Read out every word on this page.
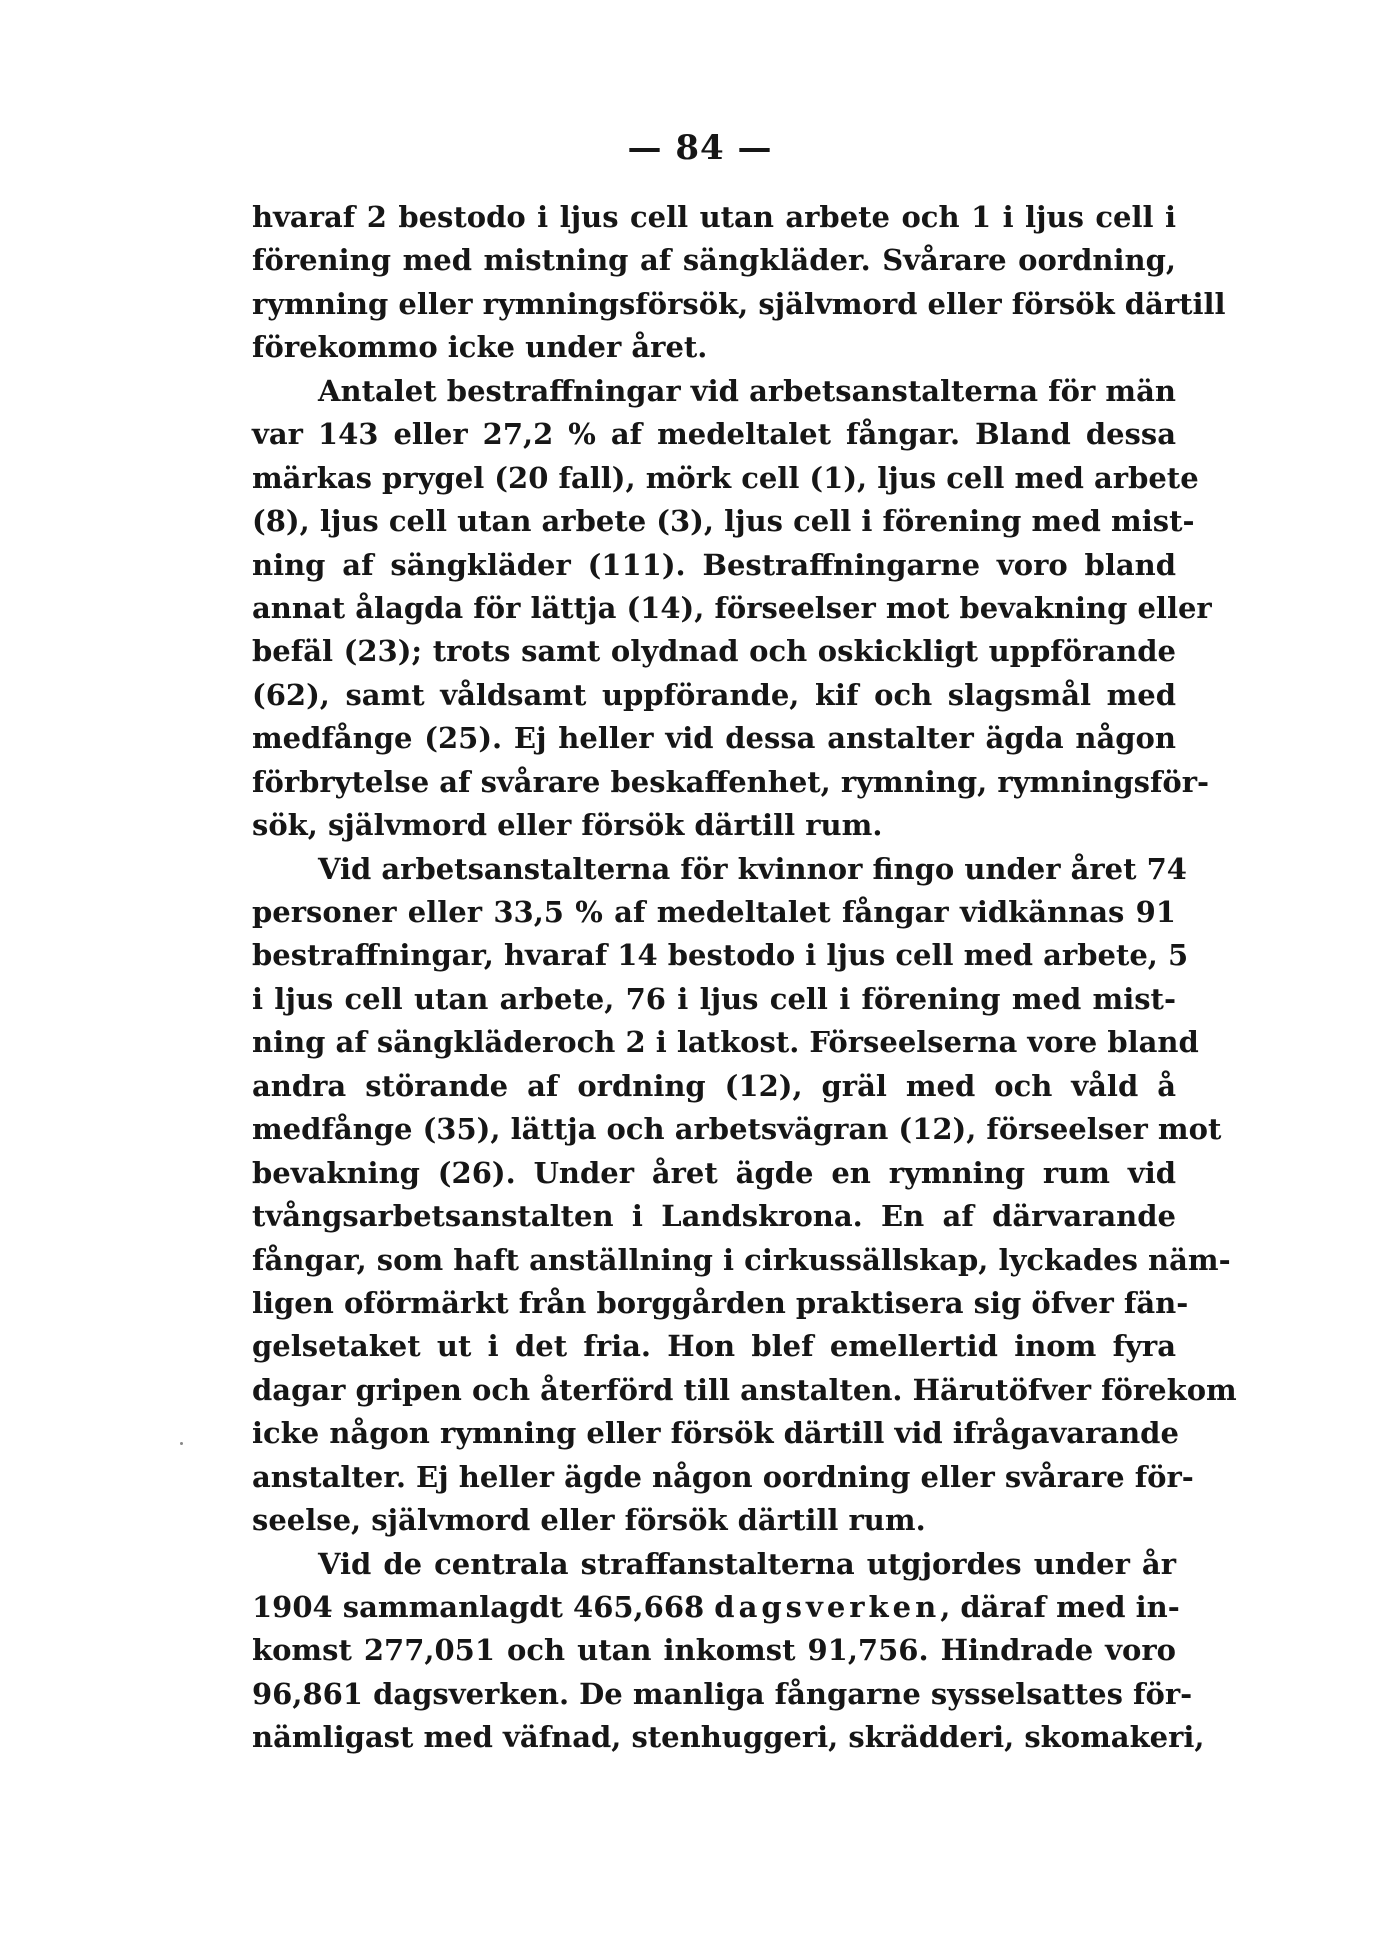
— 84 —
hvaraf 2 bestodo i ljus cell utan arbete och 1 i ljus cell i
förening med mistning af sängkläder. Svårare oordning,
rymning eller rymningsförsök, självmord eller försök därtill
förekommo icke under året.
Antalet bestraffningar vid arbetsanstalterna för män
var 143 eller 27,2 % af medeltalet fångar. Bland dessa
märkas prygel (20 fall), mörk cell (1), ljus cell med arbete
(8), ljus cell utan arbete (3), ljus cell i förening med mist-
ning af sängkläder (111). Bestraffningarne voro bland
annat ålagda för lättja (14), förseelser mot bevakning eller
befäl (23); trots samt olydnad och oskickligt uppförande
(62), samt våldsamt uppförande, kif och slagsmål med
medfånge (25). Ej heller vid dessa anstalter ägda någon
förbrytelse af svårare beskaffenhet, rymning, rymningsför-
sök, självmord eller försök därtill rum.
Vid arbetsanstalterna för kvinnor fingo under året 74
personer eller 33,5 % af medeltalet fångar vidkännas 91
bestraffningar, hvaraf 14 bestodo i ljus cell med arbete, 5
i ljus cell utan arbete, 76 i ljus cell i förening med mist-
ning af sängkläderoch 2 i latkost. Förseelserna vore bland
andra störande af ordning (12), gräl med och våld å
medfånge (35), lättja och arbetsvägran (12), förseelser mot
bevakning (26). Under året ägde en rymning rum vid
tvångsarbetsanstalten i Landskrona. En af därvarande
fångar, som haft anställning i cirkussällskap, lyckades näm-
ligen oförmärkt från borggården praktisera sig öfver fän-
gelsetaket ut i det fria. Hon blef emellertid inom fyra
dagar gripen och återförd till anstalten. Härutöfver förekom
icke någon rymning eller försök därtill vid ifrågavarande
anstalter. Ej heller ägde någon oordning eller svårare för-
seelse, självmord eller försök därtill rum.
Vid de centrala straffanstalterna utgjordes under år
1904 sammanlagdt 465,668 dagsverken, däraf med in-
komst 277,051 och utan inkomst 91,756. Hindrade voro
96,861 dagsverken. De manliga fångarne sysselsattes för-
nämligast med väfnad, stenhuggeri, skrädderi, skomakeri,
